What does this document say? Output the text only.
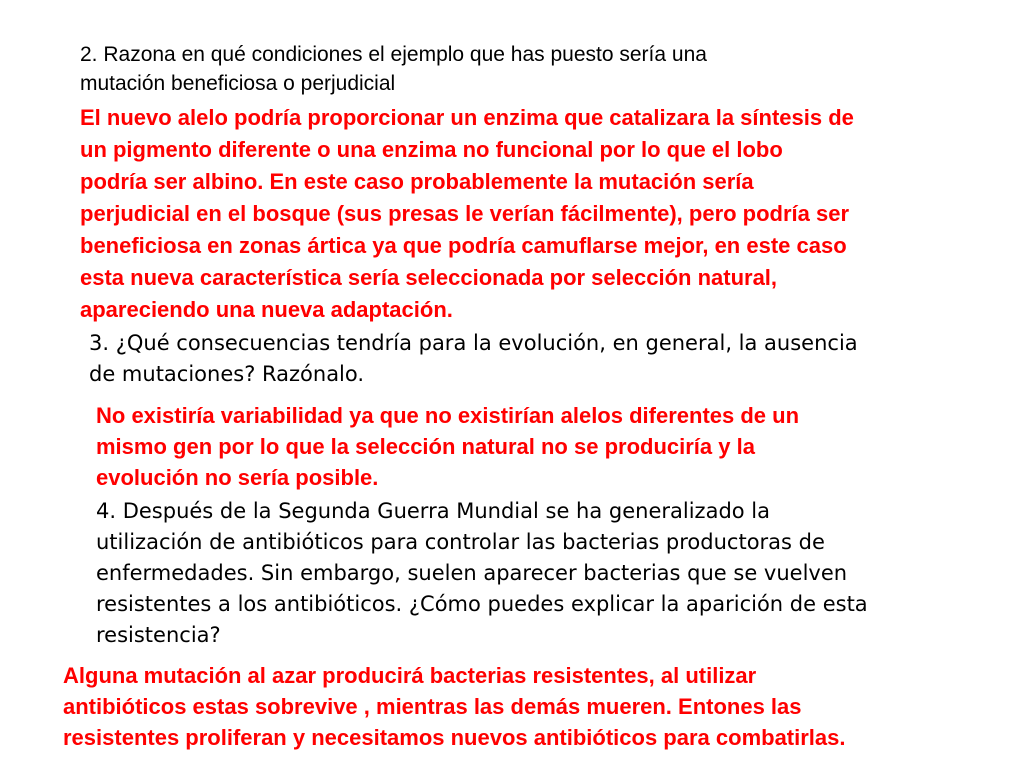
2. Razona en qué condiciones el ejemplo que has puesto sería una
mutación beneficiosa o perjudicial

El nuevo alelo podría proporcionar un enzima que catalizara la síntesis de
un pigmento diferente o una enzima no funcional por lo que el lobo
podría ser albino. En este caso probablemente la mutación sería
perjudicial en el bosque (sus presas le verían fácilmente), pero podría ser
beneficiosa en zonas ártica ya que podría camuflarse mejor, en este caso
esta nueva característica sería seleccionada por selección natural,
apareciendo una nueva adaptación.

3. ¿Qué consecuencias tendría para la evolución, en general, la ausencia
de mutaciones? Razónalo.

No existiría variabilidad ya que no existirían alelos diferentes de un
mismo gen por lo que la selección natural no se produciría y la
evolución no sería posible.

4. Después de la Segunda Guerra Mundial se ha generalizado la
utilización de antibióticos para controlar las bacterias productoras de
enfermedades. Sin embargo, suelen aparecer bacterias que se vuelven
resistentes a los antibióticos. ¿Cómo puedes explicar la aparición de esta
resistencia?

Alguna mutación al azar producirá bacterias resistentes, al utilizar
antibióticos estas sobrevive , mientras las demás mueren. Entones las
resistentes proliferan y necesitamos nuevos antibióticos para combatirlas.
